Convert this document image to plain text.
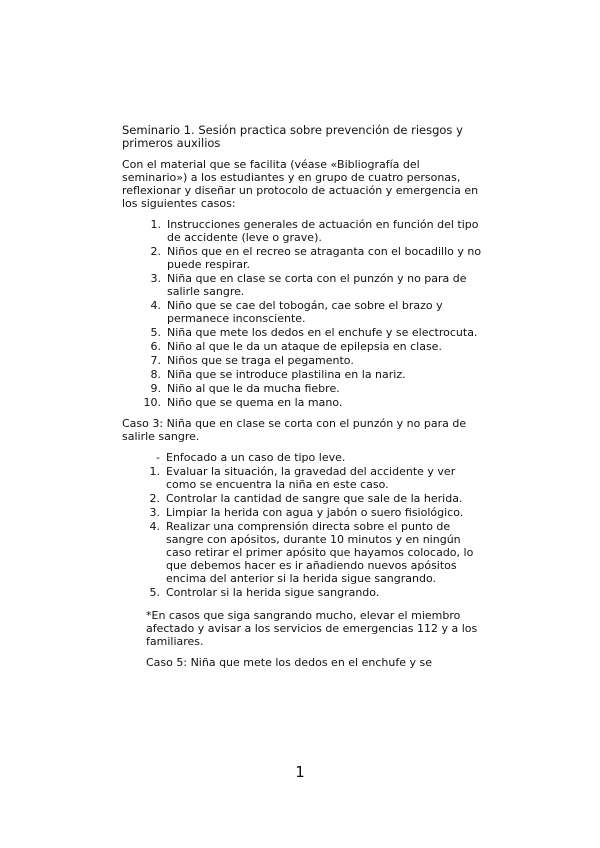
Seminario 1. Sesión practica sobre prevención de riesgos y primeros auxilios

Con el material que se facilita (véase «Bibliografía del seminario») a los estudiantes y en grupo de cuatro personas, reflexionar y diseñar un protocolo de actuación y emergencia en los siguientes casos:

1. Instrucciones generales de actuación en función del tipo de accidente (leve o grave).
2. Niños que en el recreo se atraganta con el bocadillo y no puede respirar.
3. Niña que en clase se corta con el punzón y no para de salirle sangre.
4. Niño que se cae del tobogán, cae sobre el brazo y permanece inconsciente.
5. Niña que mete los dedos en el enchufe y se electrocuta.
6. Niño al que le da un ataque de epilepsia en clase.
7. Niños que se traga el pegamento.
8. Niña que se introduce plastilina en la nariz.
9. Niño al que le da mucha fiebre.
10. Niño que se quema en la mano.

Caso 3: Niña que en clase se corta con el punzón y no para de salirle sangre.

- Enfocado a un caso de tipo leve.
1. Evaluar la situación, la gravedad del accidente y ver como se encuentra la niña en este caso.
2. Controlar la cantidad de sangre que sale de la herida.
3. Limpiar la herida con agua y jabón o suero fisiológico.
4. Realizar una comprensión directa sobre el punto de sangre con apósitos, durante 10 minutos y en ningún caso retirar el primer apósito que hayamos colocado, lo que debemos hacer es ir añadiendo nuevos apósitos encima del anterior si la herida sigue sangrando.
5. Controlar si la herida sigue sangrando.

*En casos que siga sangrando mucho, elevar el miembro afectado y avisar a los servicios de emergencias 112 y a los familiares.

Caso 5: Niña que mete los dedos en el enchufe y se

1
